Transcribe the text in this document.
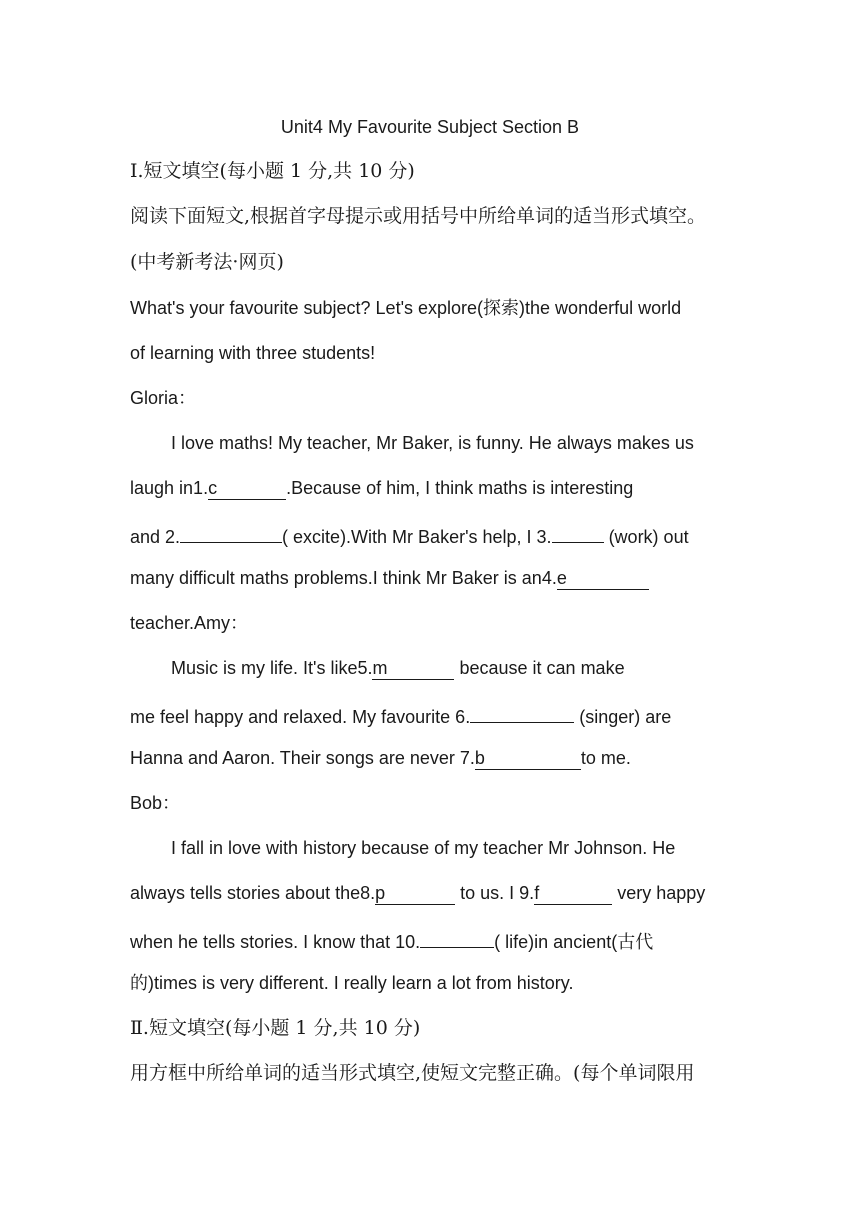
Unit4 My Favourite Subject Section B
Ⅰ.短文填空(每小题 1 分,共 10 分)
阅读下面短文,根据首字母提示或用括号中所给单词的适当形式填空。
(中考新考法·网页)
What's your favourite subject? Let's explore(探索)the wonderful world
of learning with three students!
Gloria：
I love maths! My teacher, Mr Baker, is funny. He always makes us
laugh in1.c	.Because of him, I think maths is interesting
and 2.	( excite).With Mr Baker's help, I 3.	(work) out
many difficult maths problems.I think Mr Baker is an4.e
teacher.Amy：
Music is my life. It's like5.m	because it can make
me feel happy and relaxed. My favourite 6.	(singer) are
Hanna and Aaron. Their songs are never 7.b	to me.
Bob：
I fall in love with history because of my teacher Mr Johnson. He
always tells stories about the8.p	to us. I 9.f	very happy
when he tells stories. I know that 10.	( life)in ancient(古代
的)times is very different. I really learn a lot from history.
Ⅱ.短文填空(每小题 1 分,共 10 分)
用方框中所给单词的适当形式填空,使短文完整正确。(每个单词限用
